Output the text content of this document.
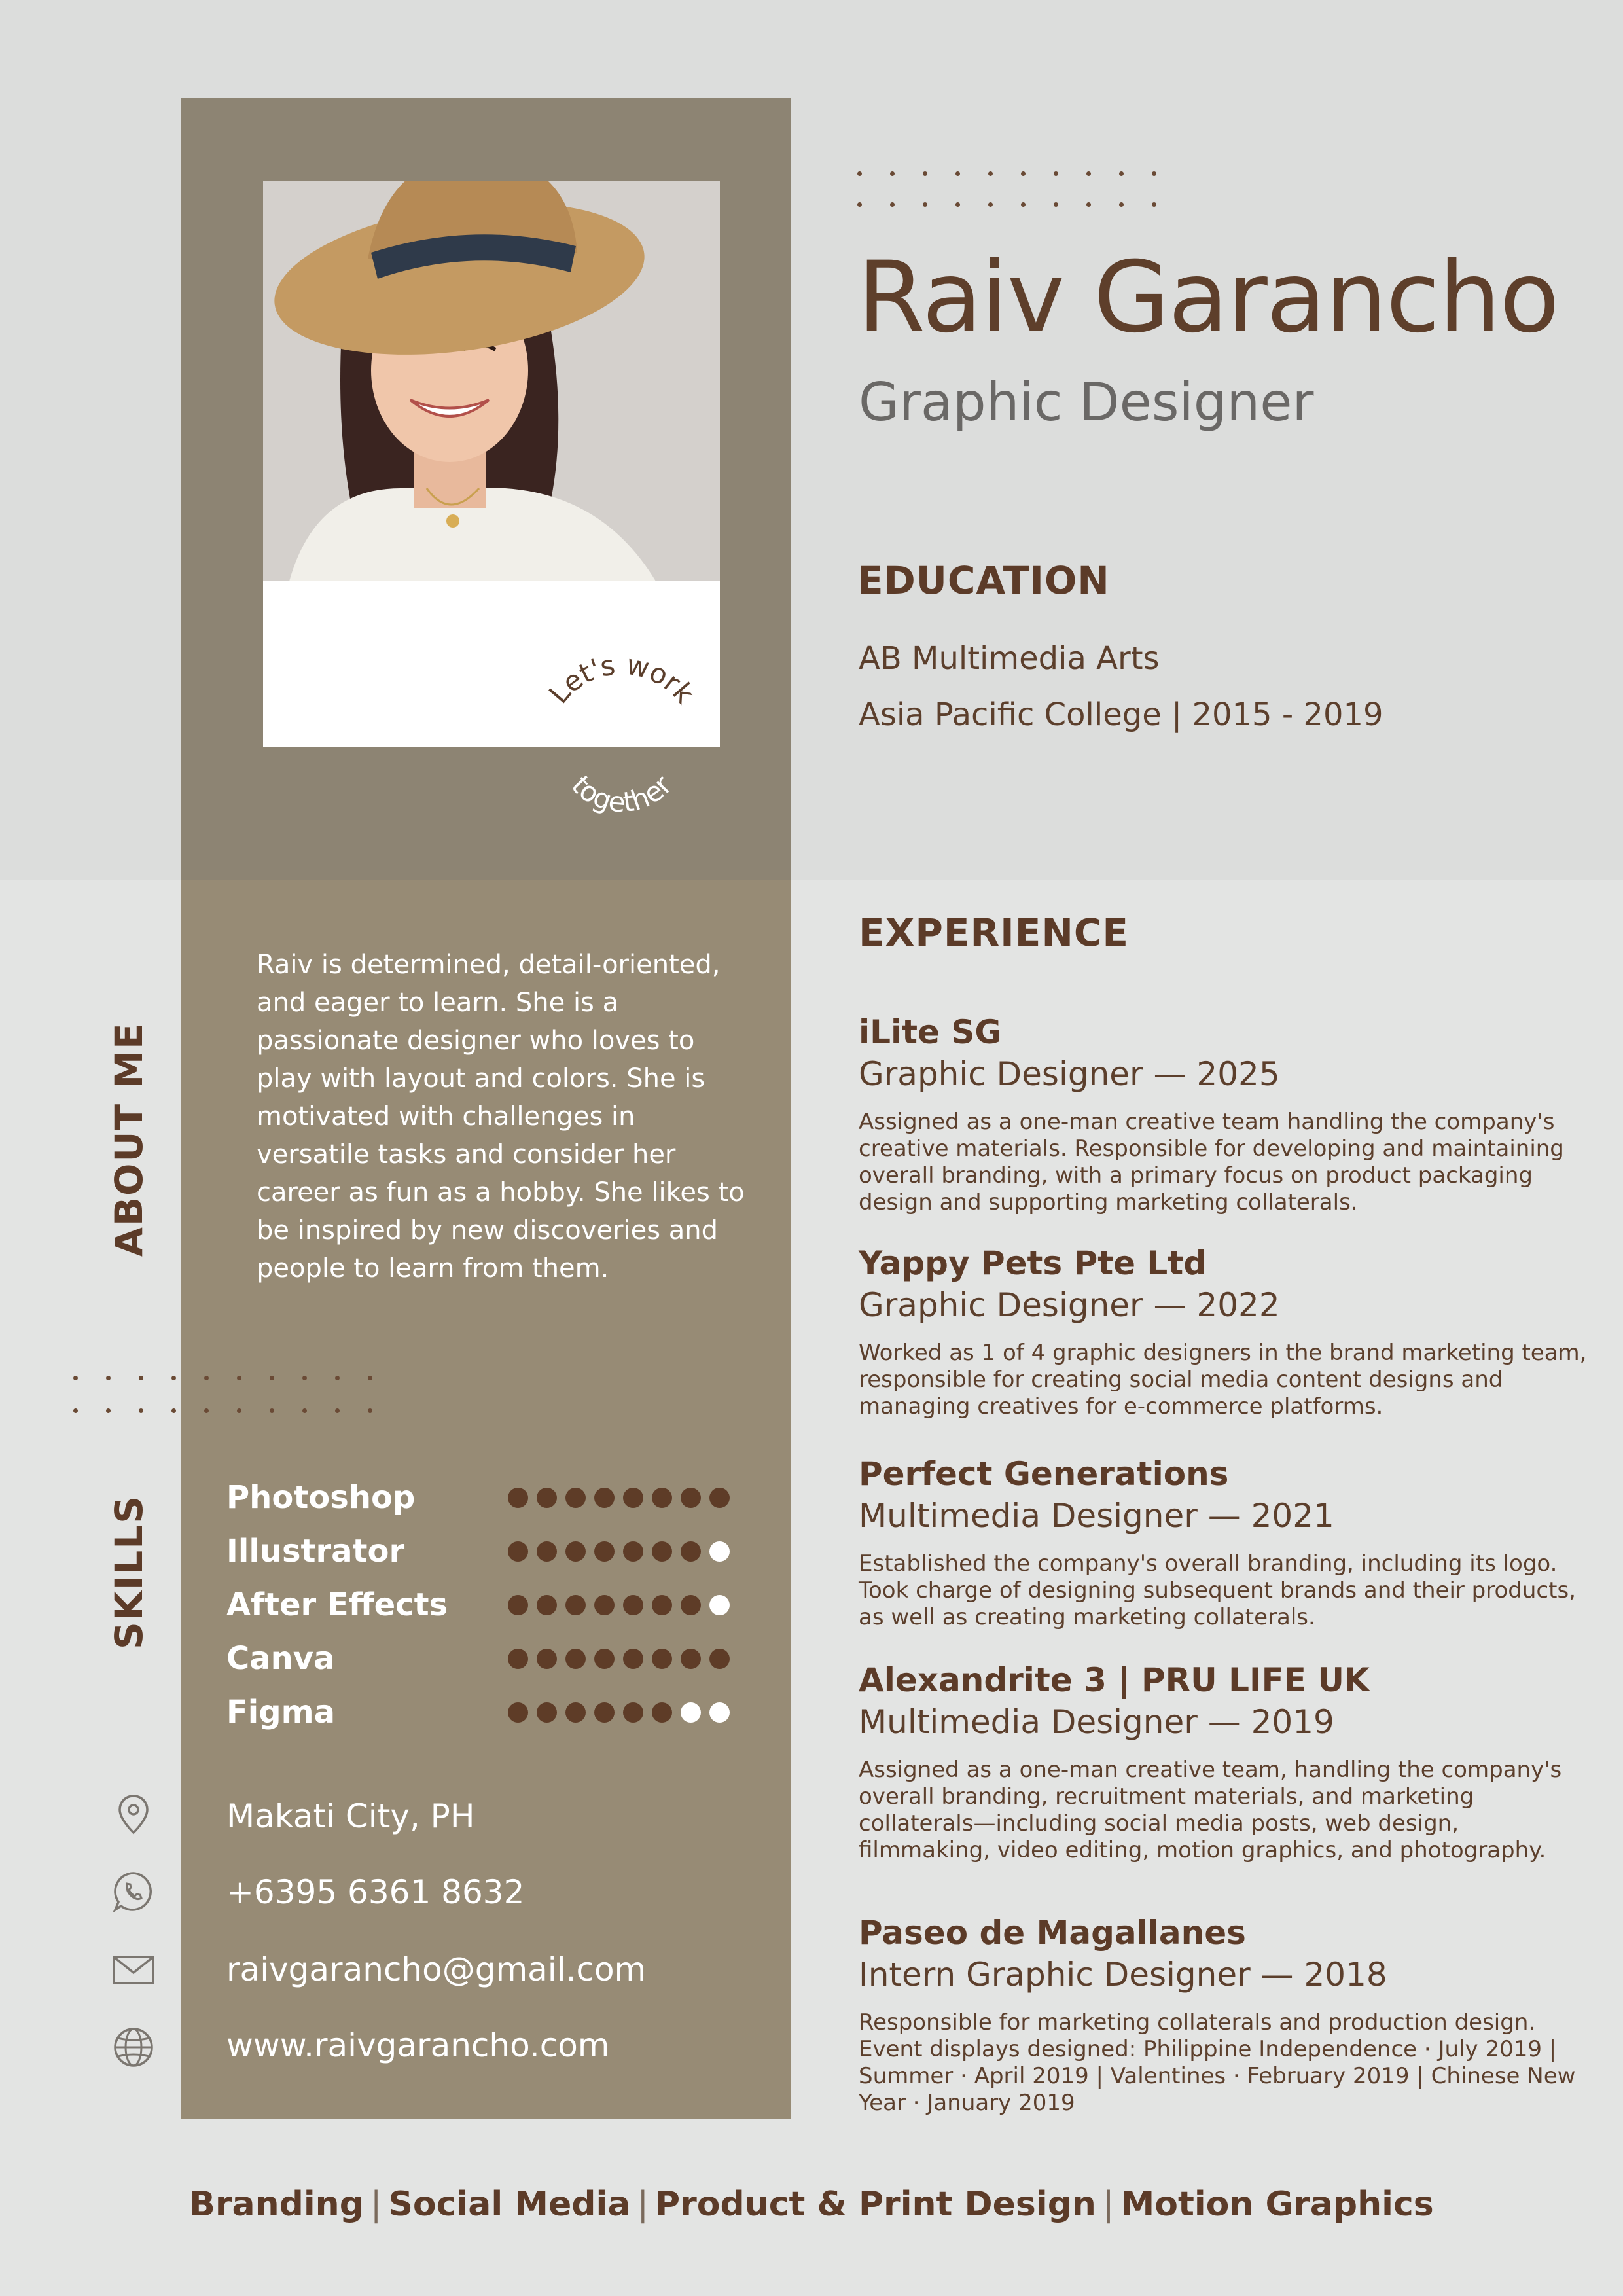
Let's work
together
Raiv Garancho
Graphic Designer
EDUCATION
AB Multimedia Arts
Asia Pacific College | 2015 - 2019
ABOUT ME
Raiv is determined, detail-oriented, and eager to learn. She is a passionate designer who loves to play with layout and colors. She is motivated with challenges in versatile tasks and consider her career as fun as a hobby. She likes to be inspired by new discoveries and people to learn from them.
SKILLS Photoshop
Illustrator
After Effects
Canva
Figma
Makati City, PH
+6395 6361 8632
raivgarancho@gmail.com
www.raivgarancho.com
EXPERIENCE
iLite SG
Graphic Designer — 2025
Assigned as a one-man creative team handling the company's creative materials. Responsible for developing and maintaining overall branding, with a primary focus on product packaging design and supporting marketing collaterals.
Yappy Pets Pte Ltd
Graphic Designer — 2022
Worked as 1 of 4 graphic designers in the brand marketing team, responsible for creating social media content designs and managing creatives for e-commerce platforms.
Perfect Generations
Multimedia Designer — 2021
Established the company's overall branding, including its logo. Took charge of designing subsequent brands and their products, as well as creating marketing collaterals.
Alexandrite 3 | PRU LIFE UK
Multimedia Designer — 2019
Assigned as a one-man creative team, handling the company's overall branding, recruitment materials, and marketing collaterals—including social media posts, web design, filmmaking, video editing, motion graphics, and photography.
Paseo de Magallanes
Intern Graphic Designer — 2018
Responsible for marketing collaterals and production design. Event displays designed: Philippine Independence · July 2019 | Summer · April 2019 | Valentines · February 2019 | Chinese New Year · January 2019
Branding | Social Media | Product & Print Design | Motion Graphics
